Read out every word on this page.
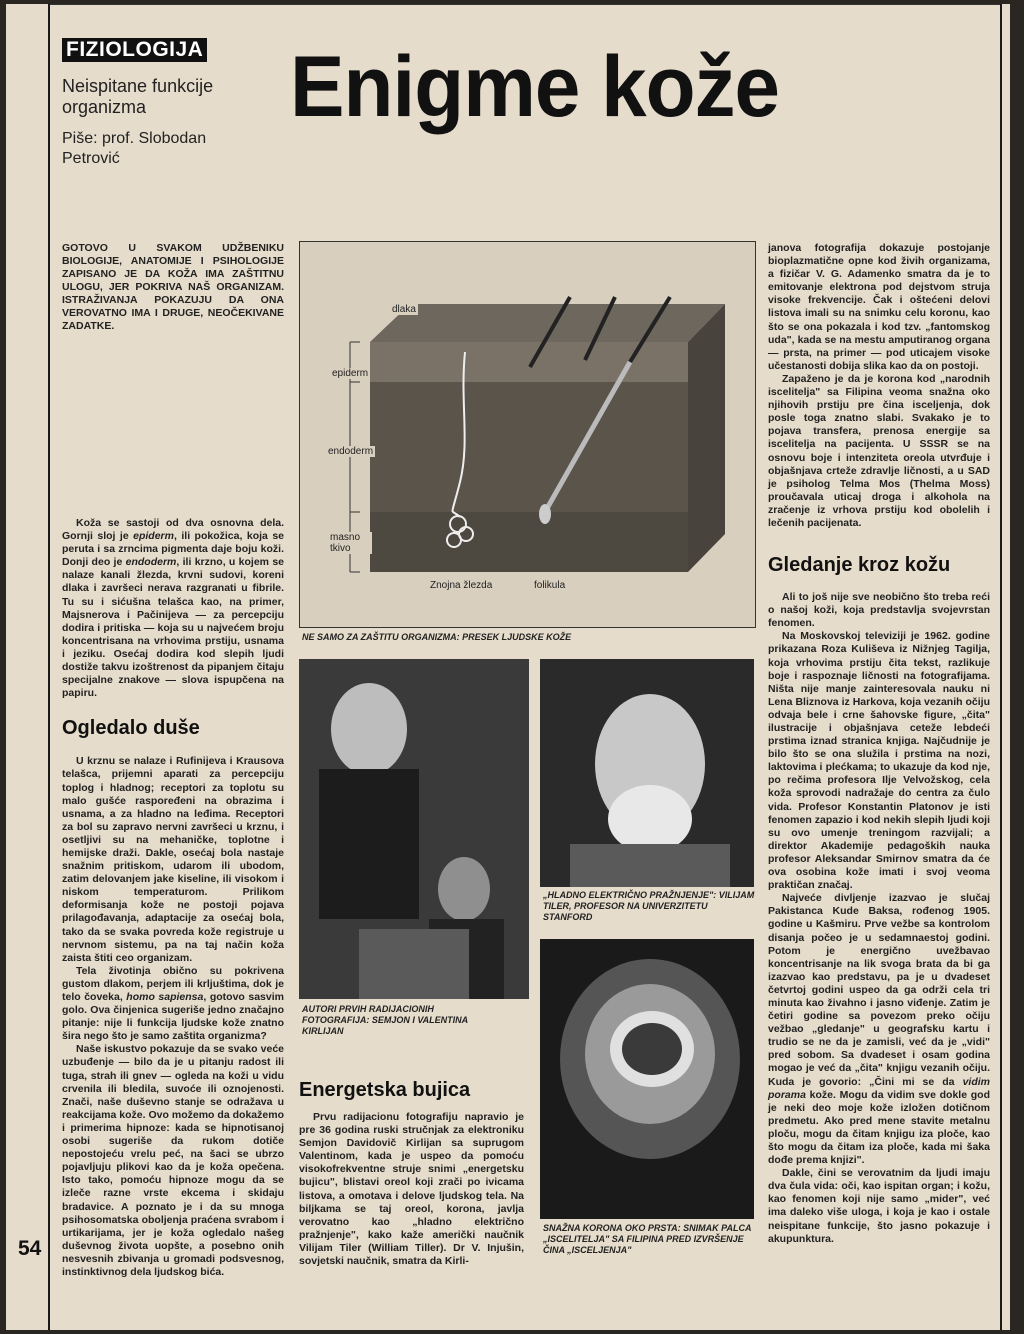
FIZIOLOGIJA
Neispitane funkcije organizma
Piše: prof. Slobodan Petrović
Enigme kože
GOTOVO U SVAKOM UDŽBENIKU BIOLOGIJE, ANATOMIJE I PSIHOLOGIJE ZAPISANO JE DA KOŽA IMA ZAŠTITNU ULOGU, JER POKRIVA NAŠ ORGANIZAM. ISTRAŽIVANJA POKAZUJU DA ONA VEROVATNO IMA I DRUGE, NEOČEKIVANE ZADATKE.
Koža se sastoji od dva osnovna dela. Gornji sloj je epiderm, ili pokožica, koja se peruta i sa zrncima pigmenta daje boju koži. Donji deo je endoderm, ili krzno, u kojem se nalaze kanali žlezda, krvni sudovi, koreni dlaka i završeci nerava razgranati u fibrile. Tu su i sićušna telašca kao, na primer, Majsnerova i Pačinijeva — za percepciju dodira i pritiska — koja su u najvećem broju koncentrisana na vrhovima prstiju, usnama i jeziku. Osećaj dodira kod slepih ljudi dostiže takvu izoštrenost da pipanjem čitaju specijalne znakove — slova ispupčena na papiru.
Ogledalo duše
U krznu se nalaze i Rufinijeva i Krausova telašca, prijemni aparati za percepciju toplog i hladnog; receptori za toplotu su malo gušće raspoređeni na obrazima i usnama, a za hladno na leđima. Receptori za bol su zapravo nervni završeci u krznu, i osetljivi su na mehaničke, toplotne i hemijske draži. Dakle, osećaj bola nastaje snažnim pritiskom, udarom ili ubodom, zatim delovanjem jake kiseline, ili visokom i niskom temperaturom. Prilikom deformisanja kože ne postoji pojava prilagođavanja, adaptacije za osećaj bola, tako da se svaka povreda kože registruje u nervnom sistemu, pa na taj način koža zaista štiti ceo organizam.
Tela životinja obično su pokrivena gustom dlakom, perjem ili krljuštima, dok je telo čoveka, homo sapiensa, gotovo sasvim golo. Ova činjenica sugeriše jedno značajno pitanje: nije li funkcija ljudske kože znatno šira nego što je samo zaštita organizma?
Naše iskustvo pokazuje da se svako veće uzbuđenje — bilo da je u pitanju radost ili tuga, strah ili gnev — ogleda na koži u vidu crvenila ili bledila, suvoće ili oznojenosti. Znači, naše duševno stanje se odražava u reakcijama kože. Ovo možemo da dokažemo i primerima hipnoze: kada se hipnotisanoj osobi sugeriše da rukom dotiče nepostojeću vrelu peć, na šaci se ubrzo pojavljuju plikovi kao da je koža opečena. Isto tako, pomoću hipnoze mogu da se izleče razne vrste ekcema i skidaju bradavice. A poznato je i da su mnoga psihosomatska oboljenja praćena svrabom i urtikarijama, jer je koža ogledalo našeg duševnog života uopšte, a posebno onih nesvesnih zbivanja u gromadi podsvesnog, instinktivnog dela ljudskog bića.
dlaka
epiderm
endoderm
masno tkivo
Znojna žlezda	folikula
NE SAMO ZA ZAŠTITU ORGANIZMA: PRESEK LJUDSKE KOŽE
AUTORI PRVIH RADIJACIONIH FOTOGRAFIJA: SEMJON I VALENTINA KIRLIJAN
„HLADNO ELEKTRIČNO PRAŽNJENJE": VILIJAM TILER, PROFESOR NA UNIVERZITETU STANFORD
SNAŽNA KORONA OKO PRSTA: SNIMAK PALCA „ISCELITELJA" SA FILIPINA PRED IZVRŠENJE ČINA „ISCELJENJA"
Energetska bujica
Prvu radijacionu fotografiju napravio je pre 36 godina ruski stručnjak za elektroniku Semjon Davidovič Kirlijan sa suprugom Valentinom, kada je uspeo da pomoću visokofrekventne struje snimi „energetsku bujicu", blistavi oreol koji zrači po ivicama listova, a omotava i delove ljudskog tela. Na biljkama se taj oreol, korona, javlja verovatno kao „hladno električno pražnjenje", kako kaže američki naučnik Vilijam Tiler (William Tiller). Dr V. Injušin, sovjetski naučnik, smatra da Kirli-
janova fotografija dokazuje postojanje bioplazmatične opne kod živih organizama, a fizičar V. G. Adamenko smatra da je to emitovanje elektrona pod dejstvom struja visoke frekvencije. Čak i oštećeni delovi listova imali su na snimku celu koronu, kao što se ona pokazala i kod tzv. „fantomskog uda", kada se na mestu amputiranog organa — prsta, na primer — pod uticajem visoke učestanosti dobija slika kao da on postoji.
Zapaženo je da je korona kod „narodnih iscelitelja" sa Filipina veoma snažna oko njihovih prstiju pre čina isceljenja, dok posle toga znatno slabi. Svakako je to pojava transfera, prenosa energije sa iscelitelja na pacijenta. U SSSR se na osnovu boje i intenziteta oreola utvrđuje i objašnjava crteže zdravlje ličnosti, a u SAD je psiholog Telma Mos (Thelma Moss) proučavala uticaj droga i alkohola na zračenje iz vrhova prstiju kod obolelih i lečenih pacijenata.
Gledanje kroz kožu
Ali to još nije sve neobično što treba reći o našoj koži, koja predstavlja svojevrstan fenomen.
Na Moskovskoj televiziji je 1962. godine prikazana Roza Kuliševa iz Nižnjeg Tagilja, koja vrhovima prstiju čita tekst, razlikuje boje i raspoznaje ličnosti na fotografijama. Ništa nije manje zainteresovala nauku ni Lena Bliznova iz Harkova, koja vezanih očiju odvaja bele i crne šahovske figure, „čita" ilustracije i objašnjava ceteže lebdeći prstima iznad stranica knjiga. Najčudnije je bilo što se ona služila i prstima na nozi, laktovima i plećkama; to ukazuje da kod nje, po rečima profesora Ilje Velvožskog, cela koža sprovodi nadražaje do centra za čulo vida. Profesor Konstantin Platonov je isti fenomen zapazio i kod nekih slepih ljudi koji su ovo umenje treningom razvijali; a direktor Akademije pedagoških nauka profesor Aleksandar Smirnov smatra da će ova osobina kože imati i svoj veoma praktičan značaj.
Najveće divljenje izazvao je slučaj Pakistanca Kude Baksa, rođenog 1905. godine u Kašmiru. Prve vežbe sa kontrolom disanja počeo je u sedamnaestoj godini. Potom je energično uvežbavao koncentrisanje na lik svoga brata da bi ga izazvao kao predstavu, pa je u dvadeset četvrtoj godini uspeo da ga održi cela tri minuta kao živahno i jasno viđenje. Zatim je četiri godine sa povezom preko očiju vežbao „gledanje" u geografsku kartu i trudio se ne da je zamisli, već da je „vidi" pred sobom. Sa dvadeset i osam godina mogao je već da „čita" knjigu vezanih očiju. Kuda je govorio: „Čini mi se da vidim porama kože. Mogu da vidim sve dokle god je neki deo moje kože izložen dotičnom predmetu. Ako pred mene stavite metalnu ploču, mogu da čitam knjigu iza ploče, kao što mogu da čitam iza ploče, kada mi šaka dođe prema knjizi".
Dakle, čini se verovatnim da ljudi imaju dva čula vida: oči, kao ispitan organ; i kožu, kao fenomen koji nije samo „mider", već ima daleko više uloga, i koja je kao i ostale neispitane funkcije, što jasno pokazuje i akupunktura.
54
